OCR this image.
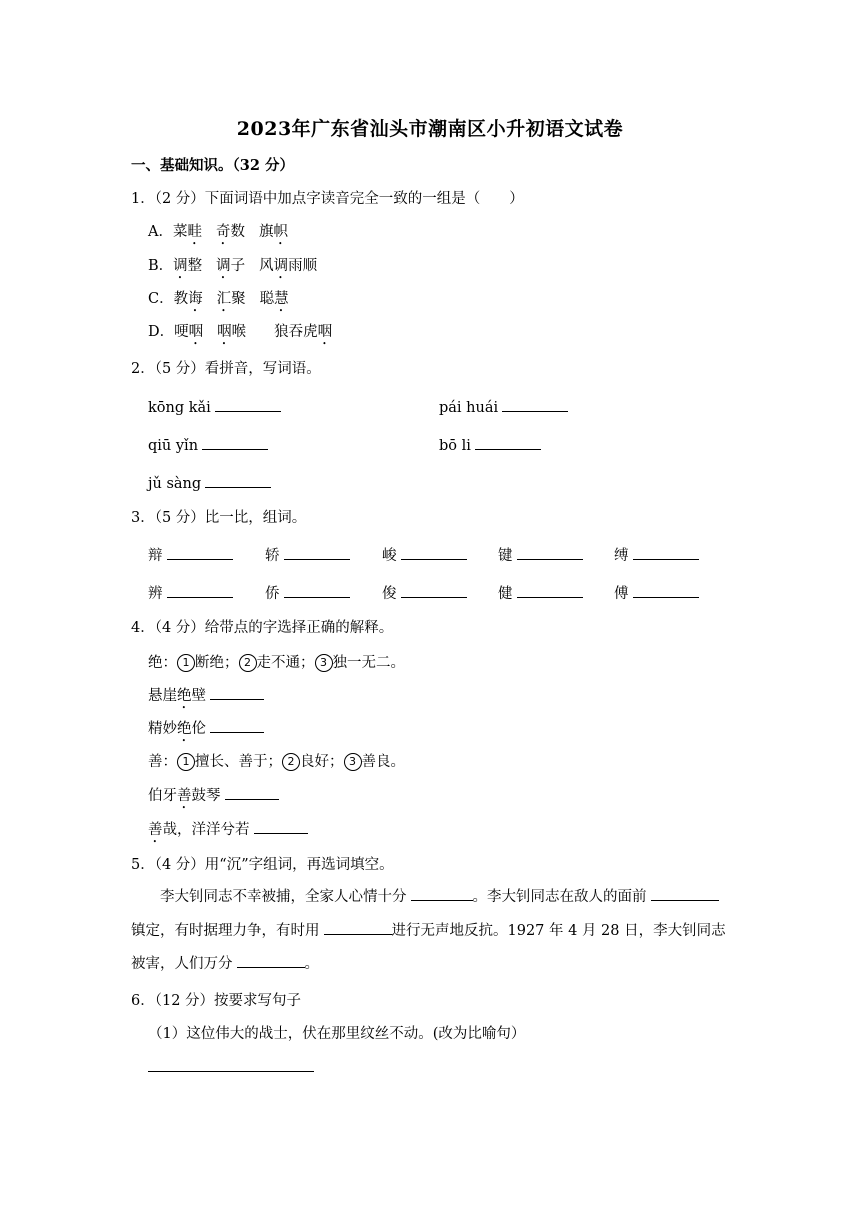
2023年广东省汕头市潮南区小升初语文试卷
一、基础知识。（32 分）
1．（2 分）下面词语中加点字读音完全一致的一组是（　　）
A．菜畦 奇数 旗帜
B．调整 调子 风调雨顺
C．教诲 汇聚 聪慧
D．哽咽 咽喉 狼吞虎咽
2．（5 分）看拼音，写词语。
kōng kǎi	pái huái
qiū yǐn	bō li
jǔ sàng
3．（5 分）比一比，组词。
辩	轿	峻	键	缚
辨	侨	俊	健	傅
4．（4 分）给带点的字选择正确的解释。
绝： 1 断绝； 2 走不通； 3 独一无二。
悬崖绝壁
精妙绝伦
善： 1 擅长、善于； 2 良好； 3 善良。
伯牙善鼓琴
善哉，洋洋兮若
5．（4 分）用“沉”字组词，再选词填空。
李大钊同志不幸被捕，全家人心情十分	。李大钊同志在敌人的面前镇定，有时据理力争，有时用	进行无声地反抗。1927 年 4 月 28 日，李大钊同志被害，人们万分	。
6．（12 分）按要求写句子
（1）这位伟大的战士，伏在那里纹丝不动。(改为比喻句）
